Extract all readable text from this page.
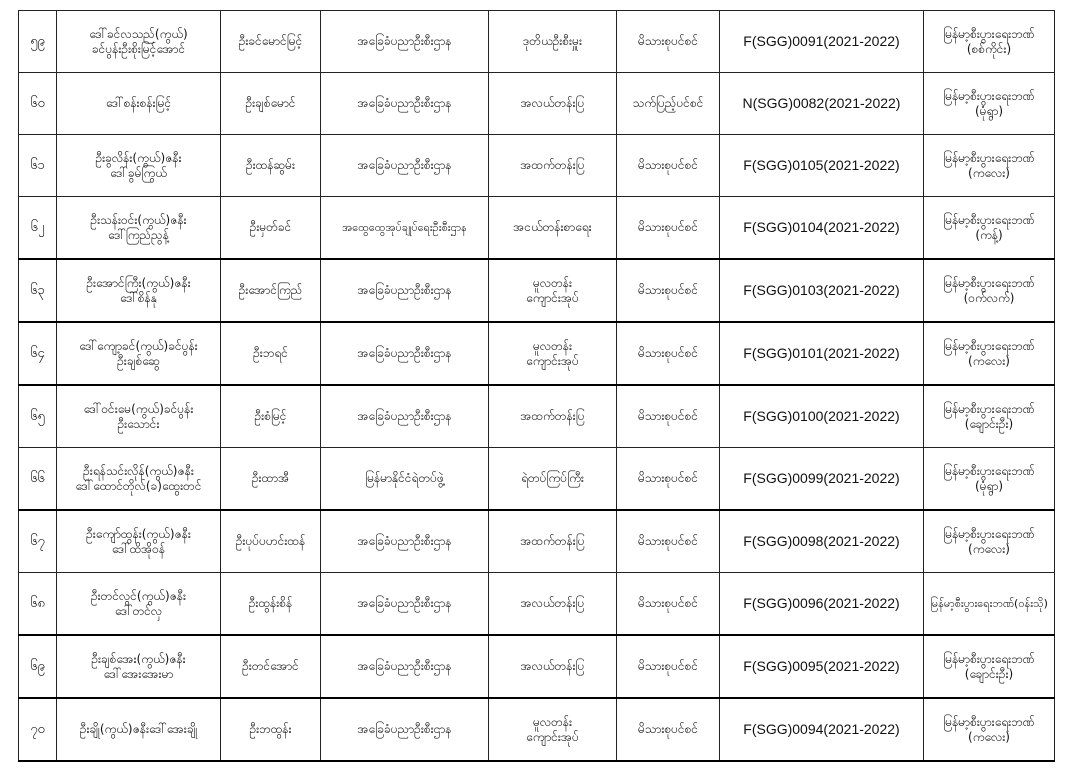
၅၉	ဒေါ်ခင်လသည်(ကွယ်)
ခင်ပွန်းဦးစိုးမြင့်အောင်	ဦးခင်မောင်မြင့်	အခြေခံပညာဦးစီးဌာန	ဒုတိယဦးစီးမှူး	မိသားစုပင်စင်	F(SGG)0091(2021-2022)	မြန်မာ့စီးပွားရေးဘဏ်
(စစ်ကိုင်း)
၆၀	ဒေါ်စန်းစန်းမြင့်	ဦးချစ်မောင်	အခြေခံပညာဦးစီးဌာန	အလယ်တန်းပြ	သက်ပြည့်ပင်စင်	N(SGG)0082(2021-2022)	မြန်မာ့စီးပွားရေးဘဏ်
(မုံရွာ)
၆၁	ဦးခွလိန်း(ကွယ်)ဇနီး
ဒေါ်ခွမ်ကြွယ်	ဦးထန်ဆွမ်း	အခြေခံပညာဦးစီးဌာန	အထက်တန်းပြ	မိသားစုပင်စင်	F(SGG)0105(2021-2022)	မြန်မာ့စီးပွားရေးဘဏ်
(ကလေး)
၆၂	ဦးသန်းဝင်း(ကွယ်)ဇနီး
ဒေါ်ကြည်ညွန့်	ဦးမှတ်ခင်	အထွေထွေအုပ်ချုပ်ရေးဦးစီးဌာန	အငယ်တန်းစာရေး	မိသားစုပင်စင်	F(SGG)0104(2021-2022)	မြန်မာ့စီးပွားရေးဘဏ်
(ကန့်)
၆၃	ဦးအောင်ကြီး(ကွယ်)ဇနီး
ဒေါ်စိန်နု	ဦးအောင်ကြည်	အခြေခံပညာဦးစီးဌာန	မူလတန်း
ကျောင်းအုပ်	မိသားစုပင်စင်	F(SGG)0103(2021-2022)	မြန်မာ့စီးပွားရေးဘဏ်
(ဝက်လက်)
၆၄	ဒေါ်ကျော့ခင်(ကွယ်)ခင်ပွန်း
ဦးချစ်ဆွေ	ဦးဘရင်	အခြေခံပညာဦးစီးဌာန	မူလတန်း
ကျောင်းအုပ်	မိသားစုပင်စင်	F(SGG)0101(2021-2022)	မြန်မာ့စီးပွားရေးဘဏ်
(ကလေး)
၆၅	ဒေါ်ဝင်းမေ(ကွယ်)ခင်ပွန်း
ဦးသောင်း	ဦးစံမြင့်	အခြေခံပညာဦးစီးဌာန	အထက်တန်းပြ	မိသားစုပင်စင်	F(SGG)0100(2021-2022)	မြန်မာ့စီးပွားရေးဘဏ်
(ချောင်းဦး)
၆၆	ဦးရန်သင်းလိုန်(ကွယ်)ဇနီး
ဒေါ်ထောင်တိုလ်(ခ)ထွေးတင်	ဦးထာအီ	မြန်မာနိုင်ငံရဲတပ်ဖွဲ့	ရဲတပ်ကြပ်ကြီး	မိသားစုပင်စင်	F(SGG)0099(2021-2022)	မြန်မာ့စီးပွားရေးဘဏ်
(မုံရွာ)
၆၇	ဦးကျော်ထွန်း(ကွယ်)ဇနီး
ဒေါ်ထိအိုဝန်	ဦးပုပ်ပဟင်းထန်	အခြေခံပညာဦးစီးဌာန	အထက်တန်းပြ	မိသားစုပင်စင်	F(SGG)0098(2021-2022)	မြန်မာ့စီးပွားရေးဘဏ်
(ကလေး)
၆၈	ဦးတင်လွင်(ကွယ်)ဇနီး
ဒေါ်တင်လှ	ဦးထွန်းစိန်	အခြေခံပညာဦးစီးဌာန	အလယ်တန်းပြ	မိသားစုပင်စင်	F(SGG)0096(2021-2022)	မြန်မာ့စီးပွားရေးဘဏ်(ဝန်းသို)
၆၉	ဦးချစ်အေး(ကွယ်)ဇနီး
ဒေါ်အေးအေးမာ	ဦးတင်အောင်	အခြေခံပညာဦးစီးဌာန	အလယ်တန်းပြ	မိသားစုပင်စင်	F(SGG)0095(2021-2022)	မြန်မာ့စီးပွားရေးဘဏ်
(ချောင်းဦး)
၇၀	ဦးချို(ကွယ်)ဇနီးဒေါ်အေးချို	ဦးဘထွန်း	အခြေခံပညာဦးစီးဌာန	မူလတန်း
ကျောင်းအုပ်	မိသားစုပင်စင်	F(SGG)0094(2021-2022)	မြန်မာ့စီးပွားရေးဘဏ်
(ကလေး)
